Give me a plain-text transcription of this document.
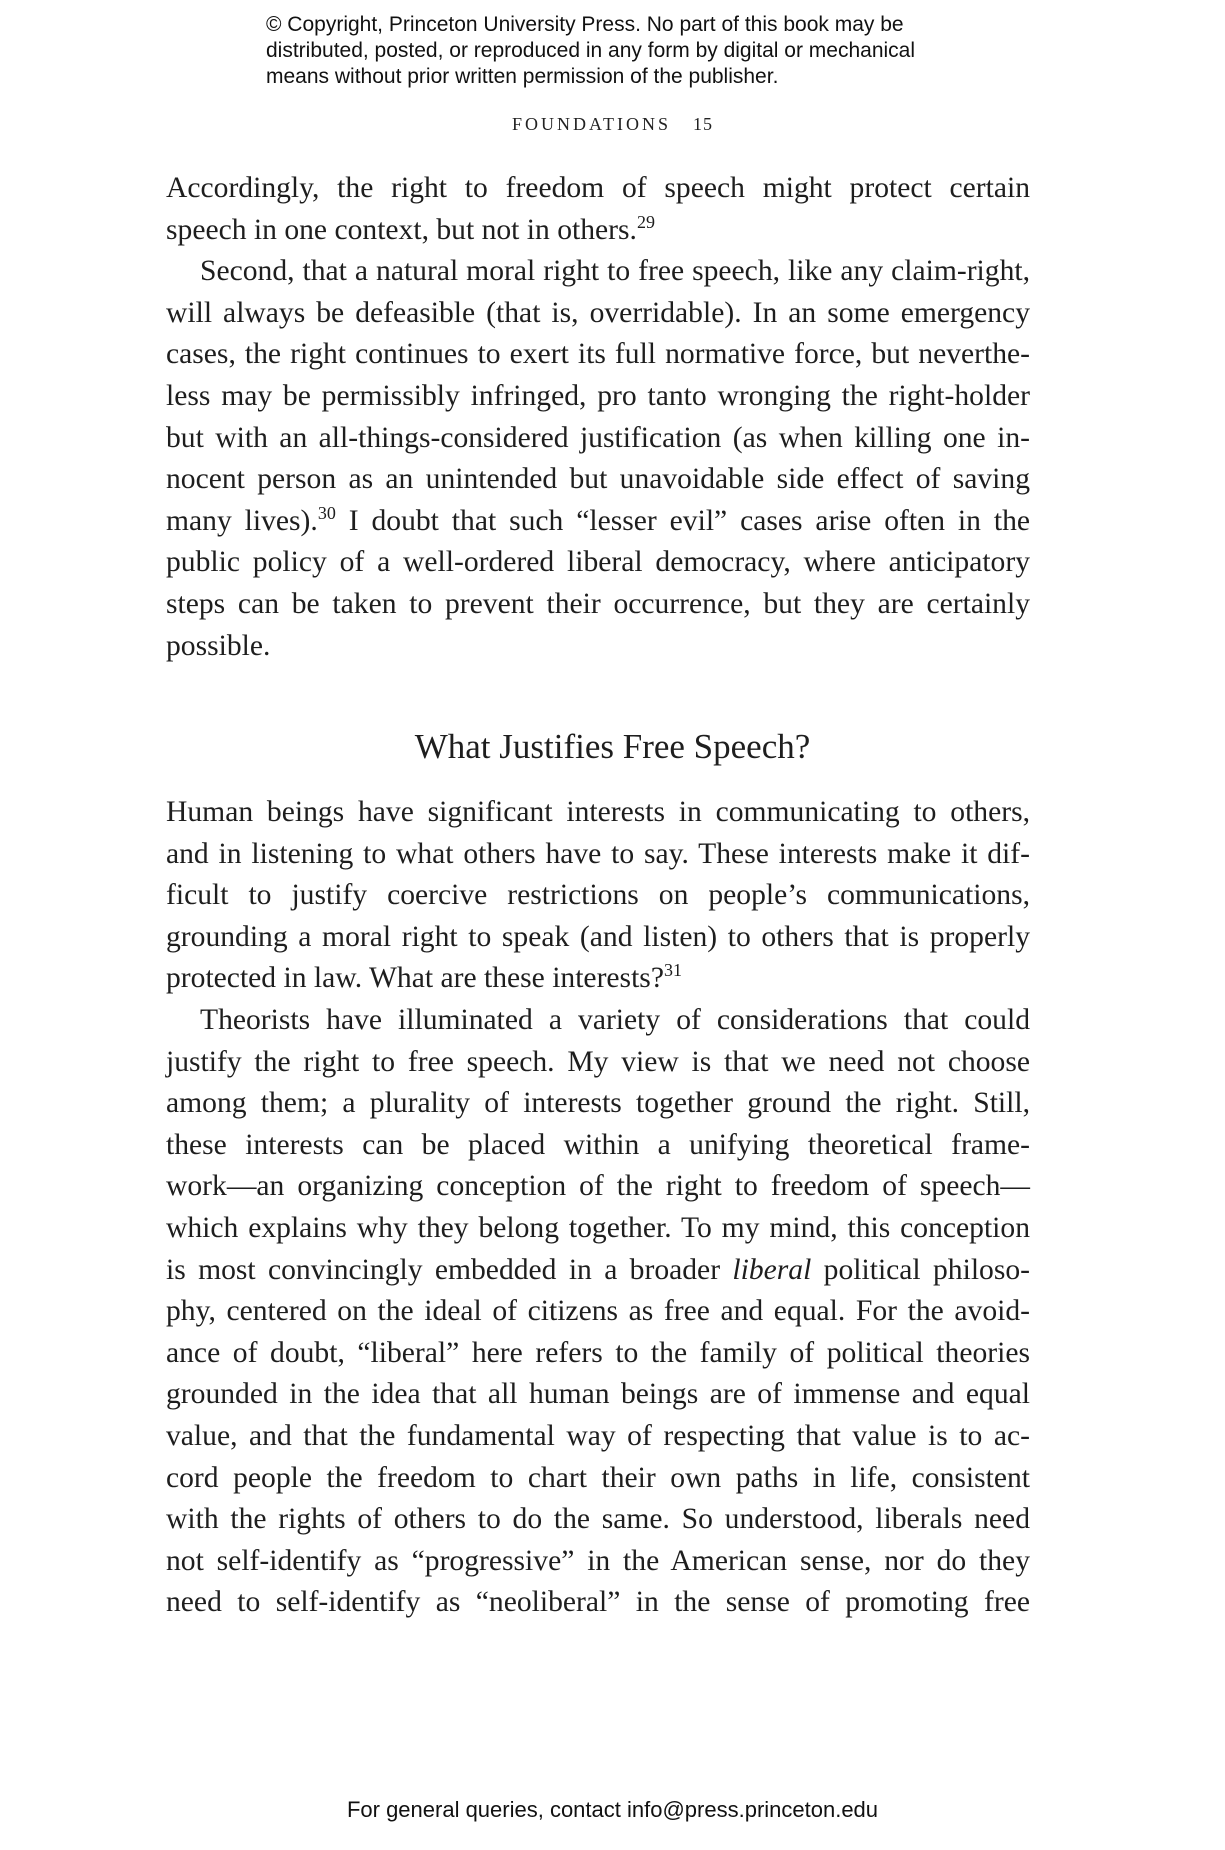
© Copyright, Princeton University Press. No part of this book may be
distributed, posted, or reproduced in any form by digital or mechanical
means without prior written permission of the publisher.
FOUNDATIONS 15
Accordingly, the right to freedom of speech might protect certain
speech in one context, but not in others.$^{29}$
Second, that a natural moral right to free speech, like any claim-right,
will always be defeasible (that is, overridable). In an some emergency
cases, the right continues to exert its full normative force, but neverthe-
less may be permissibly infringed, pro tanto wronging the right-holder
but with an all-things-considered justification (as when killing one in-
nocent person as an unintended but unavoidable side effect of saving
many lives).$^{30}$ I doubt that such “lesser evil” cases arise often in the
public policy of a well-ordered liberal democracy, where anticipatory
steps can be taken to prevent their occurrence, but they are certainly
possible.
What Justifies Free Speech?
Human beings have significant interests in communicating to others,
and in listening to what others have to say. These interests make it dif-
ficult to justify coercive restrictions on people’s communications,
grounding a moral right to speak (and listen) to others that is properly
protected in law. What are these interests?$^{31}$
Theorists have illuminated a variety of considerations that could
justify the right to free speech. My view is that we need not choose
among them; a plurality of interests together ground the right. Still,
these interests can be placed within a unifying theoretical frame-
work—an organizing conception of the right to freedom of speech—
which explains why they belong together. To my mind, this conception
is most convincingly embedded in a broader liberal political philoso-
phy, centered on the ideal of citizens as free and equal. For the avoid-
ance of doubt, “liberal” here refers to the family of political theories
grounded in the idea that all human beings are of immense and equal
value, and that the fundamental way of respecting that value is to ac-
cord people the freedom to chart their own paths in life, consistent
with the rights of others to do the same. So understood, liberals need
not self-identify as “progressive” in the American sense, nor do they
need to self-identify as “neoliberal” in the sense of promoting free
For general queries, contact info@press.princeton.edu
